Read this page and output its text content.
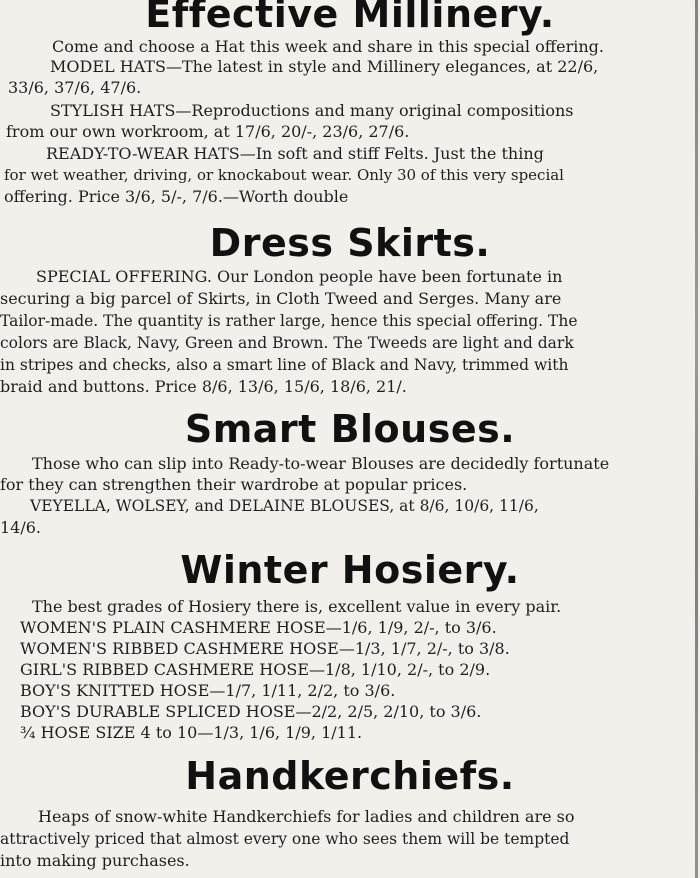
Effective Millinery.
Come and choose a Hat this week and share in this special offering.
MODEL HATS—The latest in style and Millinery elegances, at 22/6,
33/6, 37/6, 47/6.
STYLISH HATS—Reproductions and many original compositions
from our own workroom, at 17/6, 20/-, 23/6, 27/6.
READY-TO-WEAR HATS—In soft and stiff Felts. Just the thing
for wet weather, driving, or knockabout wear. Only 30 of this very special
offering. Price 3/6, 5/-, 7/6.—Worth double
Dress Skirts.
SPECIAL OFFERING. Our London people have been fortunate in
securing a big parcel of Skirts, in Cloth Tweed and Serges. Many are
Tailor-made. The quantity is rather large, hence this special offering. The
colors are Black, Navy, Green and Brown. The Tweeds are light and dark
in stripes and checks, also a smart line of Black and Navy, trimmed with
braid and buttons. Price 8/6, 13/6, 15/6, 18/6, 21/.
Smart Blouses.
Those who can slip into Ready-to-wear Blouses are decidedly fortunate
for they can strengthen their wardrobe at popular prices.
VEYELLA, WOLSEY, and DELAINE BLOUSES, at 8/6, 10/6, 11/6,
14/6.
Winter Hosiery.
The best grades of Hosiery there is, excellent value in every pair.
WOMEN'S PLAIN CASHMERE HOSE—1/6, 1/9, 2/-, to 3/6.
WOMEN'S RIBBED CASHMERE HOSE—1/3, 1/7, 2/-, to 3/8.
GIRL'S RIBBED CASHMERE HOSE—1/8, 1/10, 2/-, to 2/9.
BOY'S KNITTED HOSE—1/7, 1/11, 2/2, to 3/6.
BOY'S DURABLE SPLICED HOSE—2/2, 2/5, 2/10, to 3/6.
¾ HOSE SIZE 4 to 10—1/3, 1/6, 1/9, 1/11.
Handkerchiefs.
Heaps of snow-white Handkerchiefs for ladies and children are so
attractively priced that almost every one who sees them will be tempted
into making purchases.
